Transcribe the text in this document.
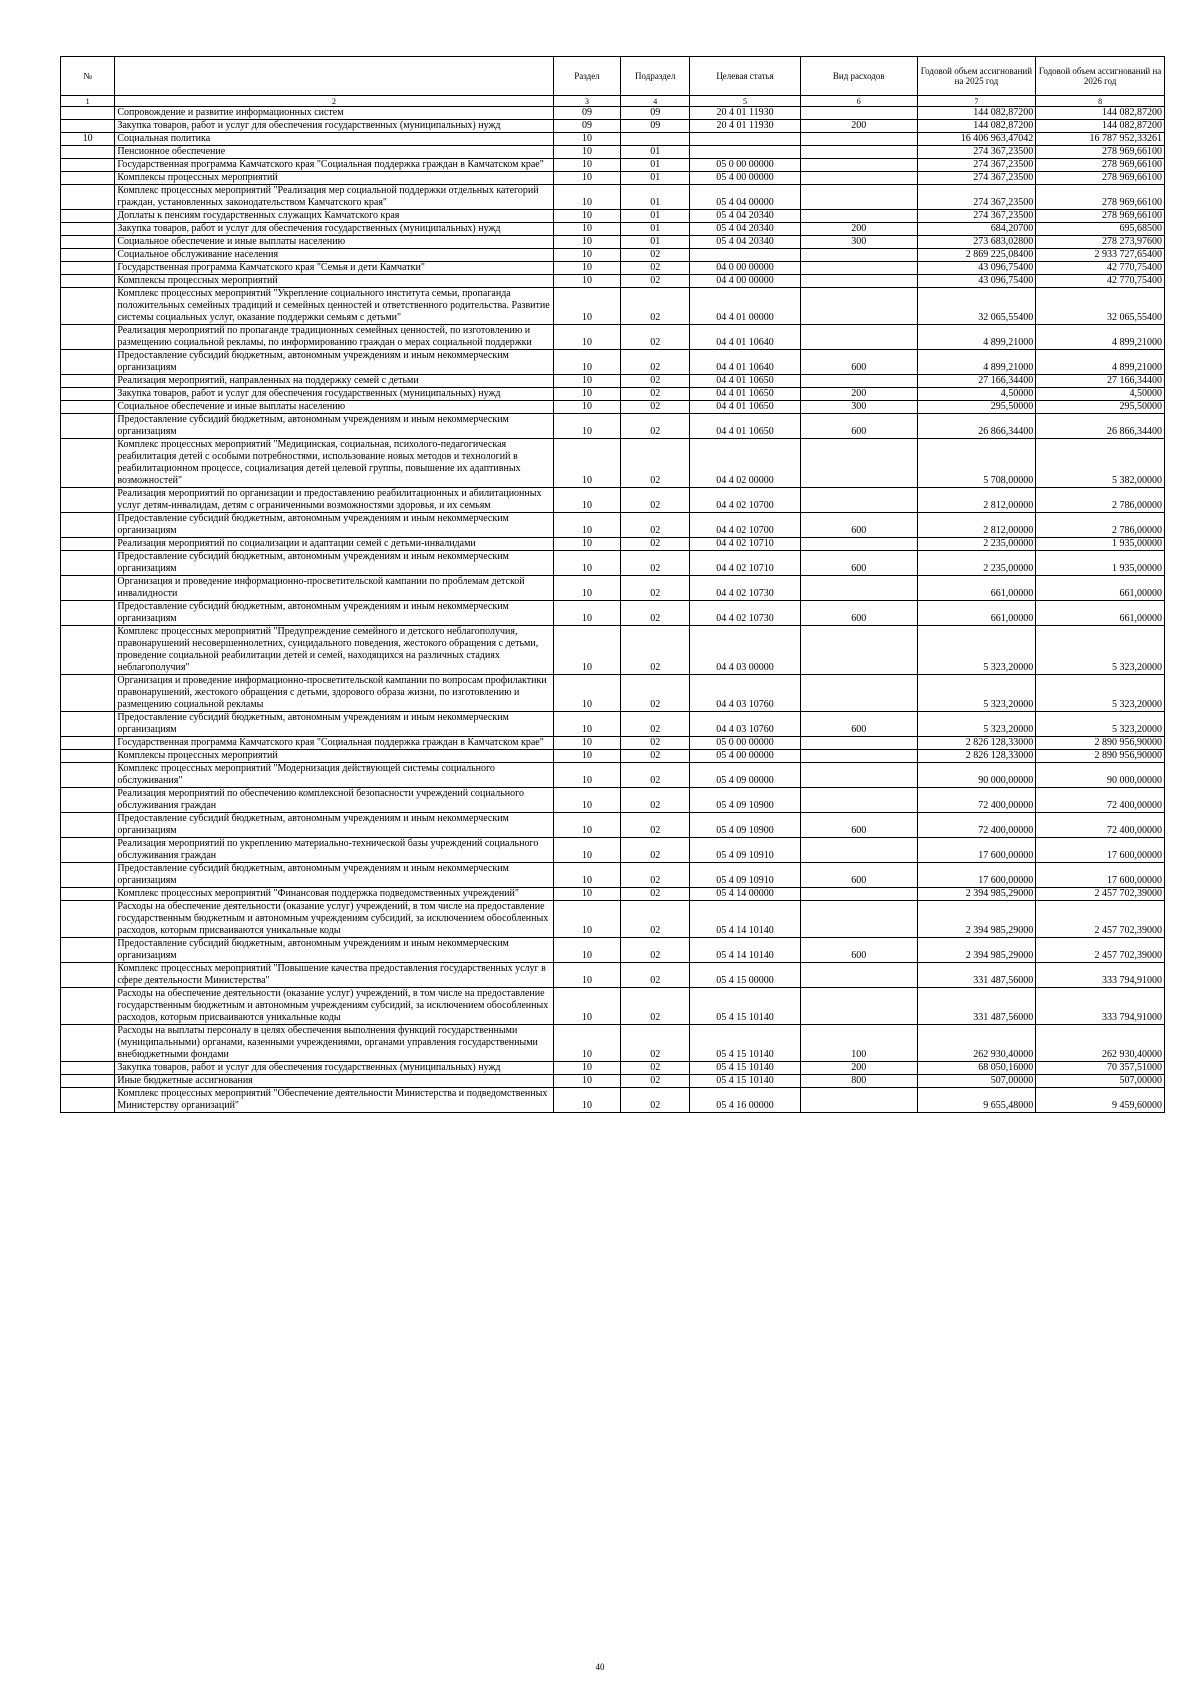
№		Раздел	Подраздел	Целевая статья	Вид расходов	Годовой объем ассигнований на 2025 год	Годовой объем ассигнований на 2026 год
1	2	3	4	5	6	7	8
	Сопровождение и развитие информационных систем	09	09	20 4 01 11930		144 082,87200	144 082,87200
	Закупка товаров, работ и услуг для обеспечения государственных (муниципальных) нужд	09	09	20 4 01 11930	200	144 082,87200	144 082,87200
10	Социальная политика	10				16 406 963,47042	16 787 952,33261
	Пенсионное обеспечение	10	01			274 367,23500	278 969,66100
	Государственная программа Камчатского края "Социальная поддержка граждан в Камчатском крае"	10	01	05 0 00 00000		274 367,23500	278 969,66100
	Комплексы процессных мероприятий	10	01	05 4 00 00000		274 367,23500	278 969,66100
	Комплекс процессных мероприятий "Реализация мер социальной поддержки отдельных категорий граждан, установленных законодательством Камчатского края"	10	01	05 4 04 00000		274 367,23500	278 969,66100
	Доплаты к пенсиям государственных служащих Камчатского края	10	01	05 4 04 20340		274 367,23500	278 969,66100
	Закупка товаров, работ и услуг для обеспечения государственных (муниципальных) нужд	10	01	05 4 04 20340	200	684,20700	695,68500
	Социальное обеспечение и иные выплаты населению	10	01	05 4 04 20340	300	273 683,02800	278 273,97600
	Социальное обслуживание населения	10	02			2 869 225,08400	2 933 727,65400
	Государственная программа Камчатского края "Семья и дети Камчатки"	10	02	04 0 00 00000		43 096,75400	42 770,75400
	Комплексы процессных мероприятий	10	02	04 4 00 00000		43 096,75400	42 770,75400
	Комплекс процессных мероприятий "Укрепление социального института семьи, пропаганда положительных семейных традиций и семейных ценностей и ответственного родительства. Развитие системы социальных услуг, оказание поддержки семьям с детьми"	10	02	04 4 01 00000		32 065,55400	32 065,55400
	Реализация мероприятий по пропаганде традиционных семейных ценностей, по изготовлению и размещению социальной рекламы, по информированию граждан о мерах социальной поддержки	10	02	04 4 01 10640		4 899,21000	4 899,21000
	Предоставление субсидий бюджетным, автономным учреждениям и иным некоммерческим организациям	10	02	04 4 01 10640	600	4 899,21000	4 899,21000
	Реализация мероприятий, направленных на поддержку семей с детьми	10	02	04 4 01 10650		27 166,34400	27 166,34400
	Закупка товаров, работ и услуг для обеспечения государственных (муниципальных) нужд	10	02	04 4 01 10650	200	4,50000	4,50000
	Социальное обеспечение и иные выплаты населению	10	02	04 4 01 10650	300	295,50000	295,50000
	Предоставление субсидий бюджетным, автономным учреждениям и иным некоммерческим организациям	10	02	04 4 01 10650	600	26 866,34400	26 866,34400
	Комплекс процессных мероприятий "Медицинская, социальная, психолого-педагогическая реабилитация детей с особыми потребностями, использование новых методов и технологий в реабилитационном процессе, социализация детей целевой группы, повышение их адаптивных возможностей"	10	02	04 4 02 00000		5 708,00000	5 382,00000
	Реализация мероприятий по организации и предоставлению реабилитационных и абилитационных услуг детям-инвалидам, детям с ограниченными возможностями здоровья, и их семьям	10	02	04 4 02 10700		2 812,00000	2 786,00000
	Предоставление субсидий бюджетным, автономным учреждениям и иным некоммерческим организациям	10	02	04 4 02 10700	600	2 812,00000	2 786,00000
	Реализация мероприятий по социализации и адаптации семей с детьми-инвалидами	10	02	04 4 02 10710		2 235,00000	1 935,00000
	Предоставление субсидий бюджетным, автономным учреждениям и иным некоммерческим организациям	10	02	04 4 02 10710	600	2 235,00000	1 935,00000
	Организация и проведение информационно-просветительской кампании по проблемам детской инвалидности	10	02	04 4 02 10730		661,00000	661,00000
	Предоставление субсидий бюджетным, автономным учреждениям и иным некоммерческим организациям	10	02	04 4 02 10730	600	661,00000	661,00000
	Комплекс процессных мероприятий "Предупреждение семейного и детского неблагополучия, правонарушений несовершеннолетних, суицидального поведения, жестокого обращения с детьми, проведение социальной реабилитации детей и семей, находящихся на различных стадиях неблагополучия"	10	02	04 4 03 00000		5 323,20000	5 323,20000
	Организация и проведение информационно-просветительской кампании по вопросам профилактики правонарушений, жестокого обращения с детьми, здорового образа жизни, по изготовлению и размещению социальной рекламы	10	02	04 4 03 10760		5 323,20000	5 323,20000
	Предоставление субсидий бюджетным, автономным учреждениям и иным некоммерческим организациям	10	02	04 4 03 10760	600	5 323,20000	5 323,20000
	Государственная программа Камчатского края "Социальная поддержка граждан в Камчатском крае"	10	02	05 0 00 00000		2 826 128,33000	2 890 956,90000
	Комплексы процессных мероприятий	10	02	05 4 00 00000		2 826 128,33000	2 890 956,90000
	Комплекс процессных мероприятий "Модернизация действующей системы социального обслуживания"	10	02	05 4 09 00000		90 000,00000	90 000,00000
	Реализация мероприятий по обеспечению комплексной безопасности учреждений социального обслуживания граждан	10	02	05 4 09 10900		72 400,00000	72 400,00000
	Предоставление субсидий бюджетным, автономным учреждениям и иным некоммерческим организациям	10	02	05 4 09 10900	600	72 400,00000	72 400,00000
	Реализация мероприятий по укреплению материально-технической базы учреждений социального обслуживания граждан	10	02	05 4 09 10910		17 600,00000	17 600,00000
	Предоставление субсидий бюджетным, автономным учреждениям и иным некоммерческим организациям	10	02	05 4 09 10910	600	17 600,00000	17 600,00000
	Комплекс процессных мероприятий "Финансовая поддержка подведомственных учреждений"	10	02	05 4 14 00000		2 394 985,29000	2 457 702,39000
	Расходы на обеспечение деятельности (оказание услуг) учреждений, в том числе на предоставление государственным бюджетным и автономным учреждениям субсидий, за исключением обособленных расходов, которым присваиваются уникальные коды	10	02	05 4 14 10140		2 394 985,29000	2 457 702,39000
	Предоставление субсидий бюджетным, автономным учреждениям и иным некоммерческим организациям	10	02	05 4 14 10140	600	2 394 985,29000	2 457 702,39000
	Комплекс процессных мероприятий "Повышение качества предоставления государственных услуг в сфере деятельности Министерства"	10	02	05 4 15 00000		331 487,56000	333 794,91000
	Расходы на обеспечение деятельности (оказание услуг) учреждений, в том числе на предоставление государственным бюджетным и автономным учреждениям субсидий, за исключением обособленных расходов, которым присваиваются уникальные коды	10	02	05 4 15 10140		331 487,56000	333 794,91000
	Расходы на выплаты персоналу в целях обеспечения выполнения функций государственными (муниципальными) органами, казенными учреждениями, органами управления государственными внебюджетными фондами	10	02	05 4 15 10140	100	262 930,40000	262 930,40000
	Закупка товаров, работ и услуг для обеспечения государственных (муниципальных) нужд	10	02	05 4 15 10140	200	68 050,16000	70 357,51000
	Иные бюджетные ассигнования	10	02	05 4 15 10140	800	507,00000	507,00000
	Комплекс процессных мероприятий "Обеспечение деятельности Министерства и подведомственных Министерству организаций"	10	02	05 4 16 00000		9 655,48000	9 459,60000
40
